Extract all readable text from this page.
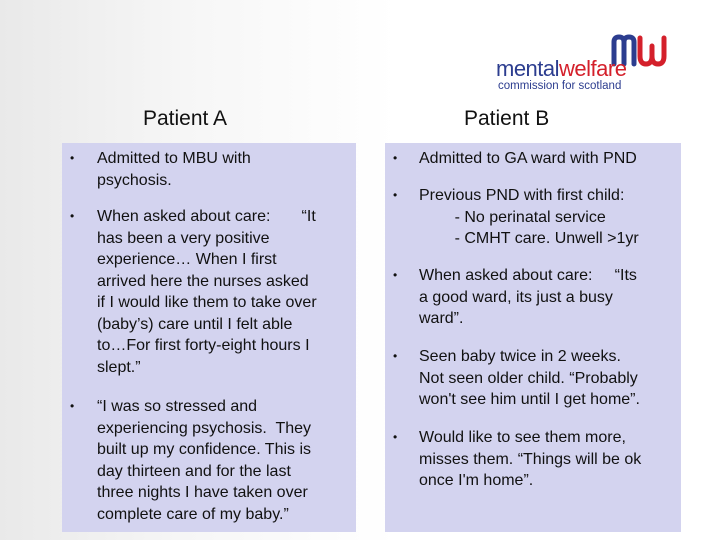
mentalwelfare
commission for scotland
Patient A	Patient B
• Admitted to MBU with
psychosis.
• When asked about care:       “It
has been a very positive
experience… When I first
arrived here the nurses asked
if I would like them to take over
(baby’s) care until I felt able
to…For first forty-eight hours I
slept.”
• “I was so stressed and
experiencing psychosis.  They
built up my confidence. This is
day thirteen and for the last
three nights I have taken over
complete care of my baby.”
• Admitted to GA ward with PND
• Previous PND with first child:
- No perinatal service
- CMHT care. Unwell >1yr
• When asked about care:     “Its
a good ward, its just a busy
ward”.
• Seen baby twice in 2 weeks.
Not seen older child. “Probably
won't see him until I get home”.
• Would like to see them more,
misses them. “Things will be ok
once I'm home”.
